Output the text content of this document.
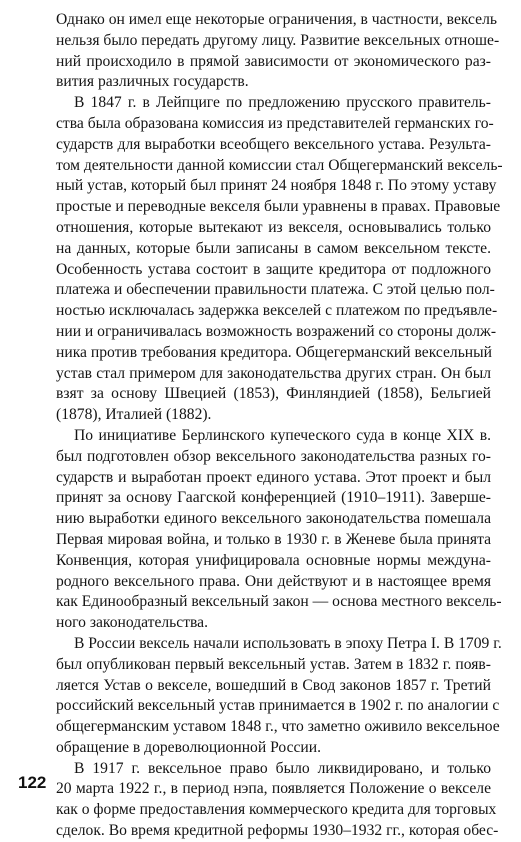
Однако он имел еще некоторые ограничения, в частности, вексель
нельзя было передать другому лицу. Развитие вексельных отноше-
ний происходило в прямой зависимости от экономического раз-
вития различных государств.
В 1847 г. в Лейпциге по предложению прусского правитель-
ства была образована комиссия из представителей германских го-
сударств для выработки всеобщего вексельного устава. Результа-
том деятельности данной комиссии стал Общегерманский вексель-
ный устав, который был принят 24 ноября 1848 г. По этому уставу
простые и переводные векселя были уравнены в правах. Правовые
отношения, которые вытекают из векселя, основывались только
на данных, которые были записаны в самом вексельном тексте.
Особенность устава состоит в защите кредитора от подложного
платежа и обеспечении правильности платежа. С этой целью пол-
ностью исключалась задержка векселей с платежом по предъявле-
нии и ограничивалась возможность возражений со стороны долж-
ника против требования кредитора. Общегерманский вексельный
устав стал примером для законодательства других стран. Он был
взят за основу Швецией (1853), Финляндией (1858), Бельгией
(1878), Италией (1882).
По инициативе Берлинского купеческого суда в конце XIX в.
был подготовлен обзор вексельного законодательства разных го-
сударств и выработан проект единого устава. Этот проект и был
принят за основу Гаагской конференцией (1910–1911). Заверше-
нию выработки единого вексельного законодательства помешала
Первая мировая война, и только в 1930 г. в Женеве была принята
Конвенция, которая унифицировала основные нормы междуна-
родного вексельного права. Они действуют и в настоящее время
как Единообразный вексельный закон — основа местного вексель-
ного законодательства.
В России вексель начали использовать в эпоху Петра I. В 1709 г.
был опубликован первый вексельный устав. Затем в 1832 г. появ-
ляется Устав о векселе, вошедший в Свод законов 1857 г. Третий
российский вексельный устав принимается в 1902 г. по аналогии с
общегерманским уставом 1848 г., что заметно оживило вексельное
обращение в дореволюционной России.
В 1917 г. вексельное право было ликвидировано, и только
20 марта 1922 г., в период нэпа, появляется Положение о векселе
как о форме предоставления коммерческого кредита для торговых
сделок. Во время кредитной реформы 1930–1932 гг., которая обес-
122
